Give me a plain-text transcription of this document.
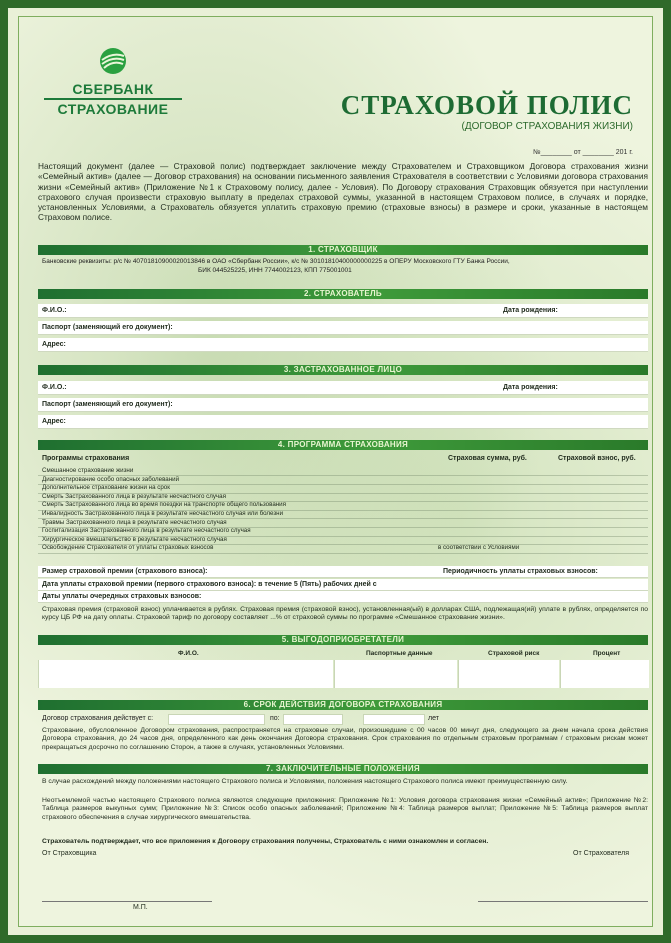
СБЕРБАНК
СТРАХОВАНИЕ	СТРАХОВОЙ ПОЛИС
(ДОГОВОР СТРАХОВАНИЯ ЖИЗНИ)
№________ от ________ 201 г.
Настоящий документ (далее — Страховой полис) подтверждает заключение между Страхователем и Страховщиком Договора страхования жизни «Семейный актив» (далее — Договор страхования) на основании письменного заявления Страхователя в соответствии с Условиями договора страхования жизни «Семейный актив» (Приложение №1 к Страховому полису, далее - Условия). По Договору страхования Страховщик обязуется при наступлении страхового случая произвести страховую выплату в пределах страховой суммы, указанной в настоящем Страховом полисе, в случаях и порядке, установленных Условиями, а Страхователь обязуется уплатить страховую премию (страховые взносы) в размере и сроки, указанные в настоящем Страховом полисе.
1. СТРАХОВЩИК
Банковские реквизиты: р/с № 40701810900020013846 в ОАО «Сбербанк России», к/с № 30101810400000000225 в ОПЕРУ Московского ГТУ Банка России,
БИК 044525225, ИНН 7744002123, КПП 775001001
2. СТРАХОВАТЕЛЬ
Ф.И.О.:	Дата рождения:
Паспорт (заменяющий его документ):
Адрес:
3. ЗАСТРАХОВАННОЕ ЛИЦО
Ф.И.О.:	Дата рождения:
Паспорт (заменяющий его документ):
Адрес:
4. ПРОГРАММА СТРАХОВАНИЯ
Программы страхования	Страховая сумма, руб.	Страховой взнос, руб.
Смешанное страхование жизни
Диагностирование особо опасных заболеваний
Дополнительное страхование жизни на срок
Смерть Застрахованного лица в результате несчастного случая
Смерть Застрахованного лица во время поездки на транспорте общего пользования
Инвалидность Застрахованного лица в результате несчастного случая или болезни
Травмы Застрахованного лица в результате несчастного случая
Госпитализация Застрахованного лица в результате несчастного случая
Хирургическое вмешательство в результате несчастного случая
Освобождение Страхователя от уплаты страховых взносов	в соответствии с Условиями
Размер страховой премии (страхового взноса):	Периодичность уплаты страховых взносов:
Дата уплаты страховой премии (первого страхового взноса): в течение 5 (Пять) рабочих дней с
Даты уплаты очередных страховых взносов:
Страховая премия (страховой взнос) уплачивается в рублях. Страховая премия (страховой взнос), установленная(ый) в долларах США, подлежащая(ий) уплате в рублях, определяется по курсу ЦБ РФ на дату оплаты. Страховой тариф по договору составляет ...% от страховой суммы по программе «Смешанное страхование жизни».
5. ВЫГОДОПРИОБРЕТАТЕЛИ
Ф.И.О.	Паспортные данные	Страховой риск	Процент
6. СРОК ДЕЙСТВИЯ ДОГОВОРА СТРАХОВАНИЯ
Договор страхования действует с:	по:	лет
Страхование, обусловленное Договором страхования, распространяется на страховые случаи, произошедшие с 00 часов 00 минут дня, следующего за днем начала срока действия Договора страхования, до 24 часов дня, определенного как день окончания Договора страхования. Срок страхования по отдельным страховым программам / страховым рискам может прекращаться досрочно по соглашению Сторон, а также в случаях, установленных Условиями.
7. ЗАКЛЮЧИТЕЛЬНЫЕ ПОЛОЖЕНИЯ
В случае расхождений между положениями настоящего Страхового полиса и Условиями, положения настоящего Страхового полиса имеют преимущественную силу.
Неотъемлемой частью настоящего Страхового полиса являются следующие приложения: Приложение №1: Условия договора страхования жизни «Семейный актив»; Приложение №2: Таблица размеров выкупных сумм; Приложение №3: Список особо опасных заболеваний; Приложение №4: Таблица размеров выплат; Приложение №5: Таблица размеров выплат страхового обеспечения в случае хирургического вмешательства.
Страхователь подтверждает, что все приложения к Договору страхования получены, Страхователь с ними ознакомлен и согласен.
От Страховщика	От Страхователя
М.П.
